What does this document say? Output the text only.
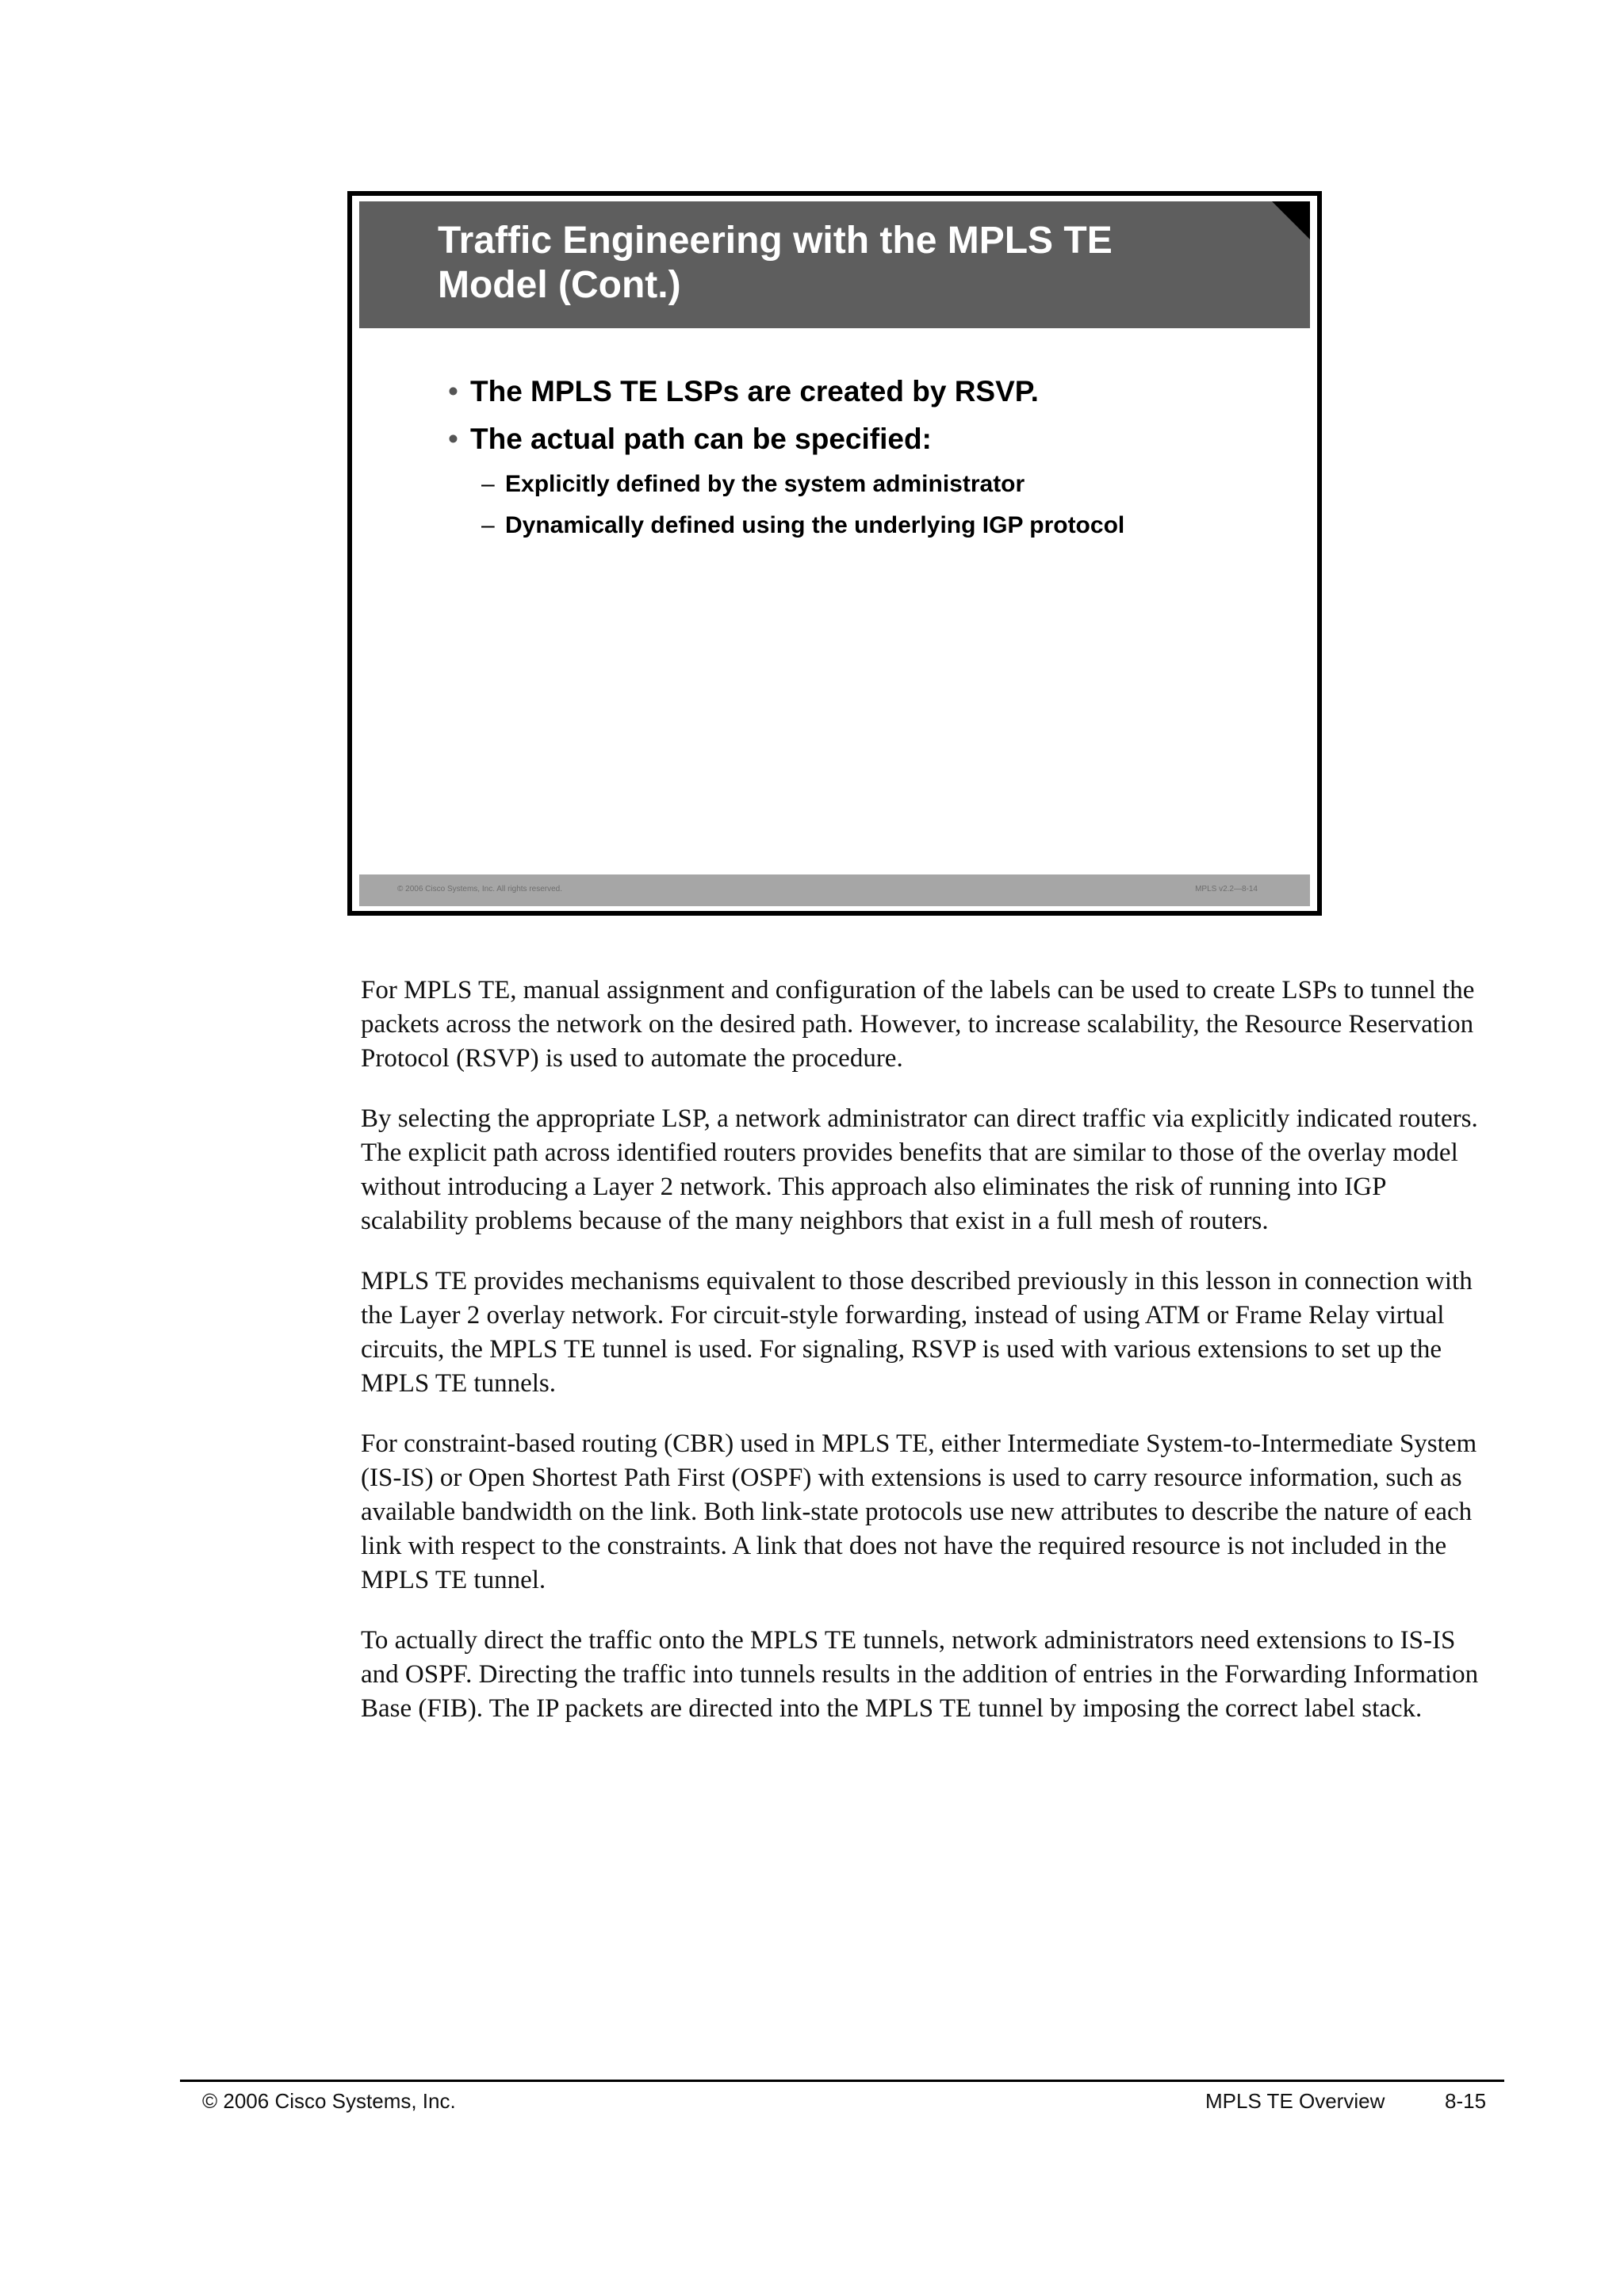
Traffic Engineering with the MPLS TE
Model (Cont.)
• The MPLS TE LSPs are created by RSVP.
• The actual path can be specified:
– Explicitly defined by the system administrator
– Dynamically defined using the underlying IGP protocol
© 2006 Cisco Systems, Inc. All rights reserved.	MPLS v2.2—8-14

For MPLS TE, manual assignment and configuration of the labels can be used to create LSPs to tunnel the packets across the network on the desired path. However, to increase scalability, the Resource Reservation Protocol (RSVP) is used to automate the procedure.

By selecting the appropriate LSP, a network administrator can direct traffic via explicitly indicated routers. The explicit path across identified routers provides benefits that are similar to those of the overlay model without introducing a Layer 2 network. This approach also eliminates the risk of running into IGP scalability problems because of the many neighbors that exist in a full mesh of routers.

MPLS TE provides mechanisms equivalent to those described previously in this lesson in connection with the Layer 2 overlay network. For circuit-style forwarding, instead of using ATM or Frame Relay virtual circuits, the MPLS TE tunnel is used. For signaling, RSVP is used with various extensions to set up the MPLS TE tunnels.

For constraint-based routing (CBR) used in MPLS TE, either Intermediate System-to-Intermediate System (IS-IS) or Open Shortest Path First (OSPF) with extensions is used to carry resource information, such as available bandwidth on the link. Both link-state protocols use new attributes to describe the nature of each link with respect to the constraints. A link that does not have the required resource is not included in the MPLS TE tunnel.

To actually direct the traffic onto the MPLS TE tunnels, network administrators need extensions to IS-IS and OSPF. Directing the traffic into tunnels results in the addition of entries in the Forwarding Information Base (FIB). The IP packets are directed into the MPLS TE tunnel by imposing the correct label stack.

© 2006 Cisco Systems, Inc.	MPLS TE Overview	8-15
